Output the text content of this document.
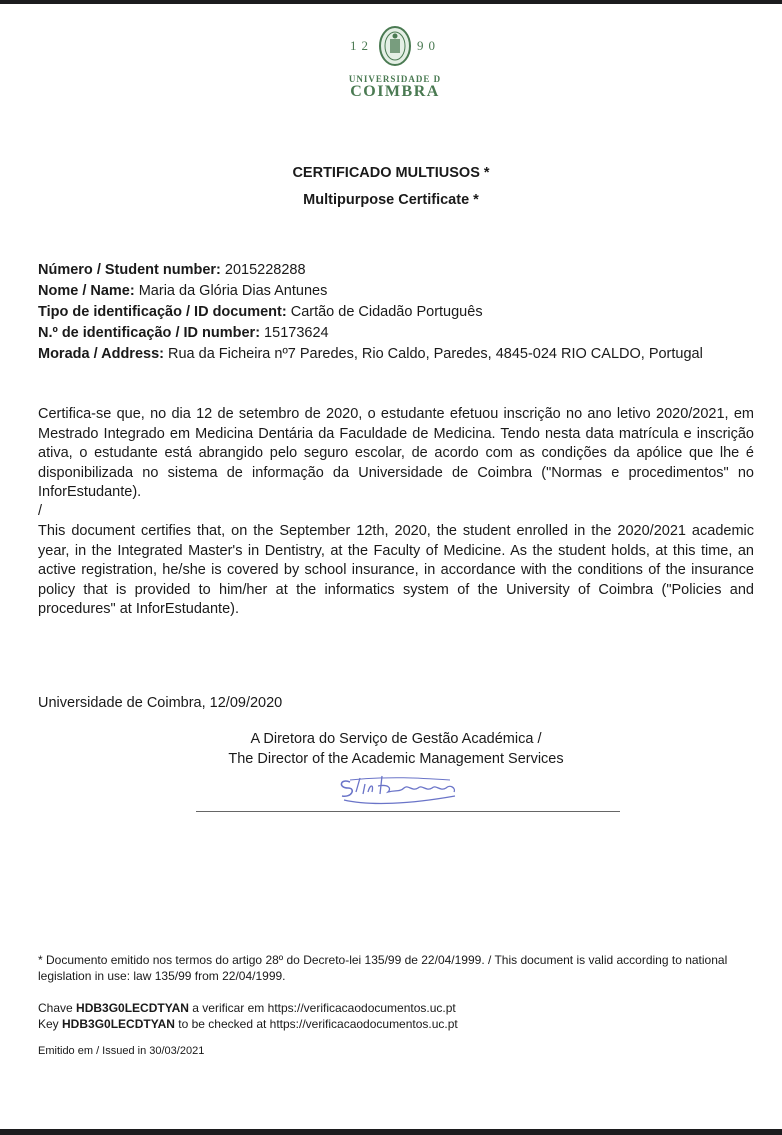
12	90
UNIVERSIDADE D
COIMBRA
CERTIFICADO MULTIUSOS *
Multipurpose Certificate *
Número / Student number: 2015228288
Nome / Name: Maria da Glória Dias Antunes
Tipo de identificação / ID document: Cartão de Cidadão Português
N.º de identificação / ID number: 15173624
Morada / Address: Rua da Ficheira nº7 Paredes, Rio Caldo, Paredes, 4845-024 RIO CALDO, Portugal
Certifica-se que, no dia 12 de setembro de 2020, o estudante efetuou inscrição no ano letivo 2020/2021, em Mestrado Integrado em Medicina Dentária da Faculdade de Medicina. Tendo nesta data matrícula e inscrição ativa, o estudante está abrangido pelo seguro escolar, de acordo com as condições da apólice que lhe é disponibilizada no sistema de informação da Universidade de Coimbra ("Normas e procedimentos" no InforEstudante).
/
This document certifies that, on the September 12th, 2020, the student enrolled in the 2020/2021 academic year, in the Integrated Master's in Dentistry, at the Faculty of Medicine. As the student holds, at this time, an active registration, he/she is covered by school insurance, in accordance with the conditions of the insurance policy that is provided to him/her at the informatics system of the University of Coimbra ("Policies and procedures" at InforEstudante).
Universidade de Coimbra, 12/09/2020
A Diretora do Serviço de Gestão Académica /
The Director of the Academic Management Services
* Documento emitido nos termos do artigo 28º do Decreto-lei 135/99 de 22/04/1999. / This document is valid according to national legislation in use: law 135/99 from 22/04/1999.
Chave HDB3G0LECDTYAN a verificar em https://verificacaodocumentos.uc.pt
Key HDB3G0LECDTYAN to be checked at https://verificacaodocumentos.uc.pt
Emitido em / Issued in 30/03/2021
